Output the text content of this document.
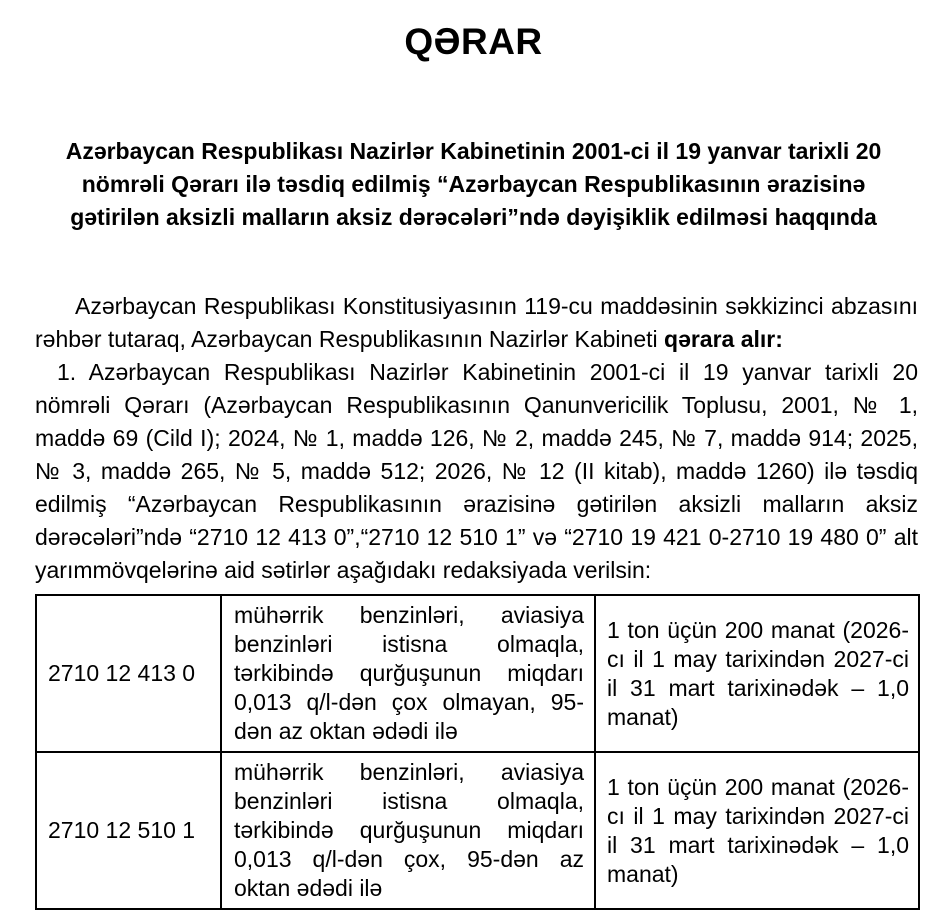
QƏRAR
Azərbaycan Respublikası Nazirlər Kabinetinin 2001-ci il 19 yanvar tarixli 20 nömrəli Qərarı ilə təsdiq edilmiş “Azərbaycan Respublikasının ərazisinə gətirilən aksizli malların aksiz dərəcələri”ndə dəyişiklik edilməsi haqqında

Azərbaycan Respublikası Konstitusiyasının 119-cu maddəsinin səkkizinci abzasını rəhbər tutaraq, Azərbaycan Respublikasının Nazirlər Kabineti qərara alır:

1. Azərbaycan Respublikası Nazirlər Kabinetinin 2001-ci il 19 yanvar tarixli 20 nömrəli Qərarı (Azərbaycan Respublikasının Qanunvericilik Toplusu, 2001, № 1, maddə 69 (Cild I); 2024, № 1, maddə 126, № 2, maddə 245, № 7, maddə 914; 2025, № 3, maddə 265, № 5, maddə 512; 2026, № 12 (II kitab), maddə 1260) ilə təsdiq edilmiş “Azərbaycan Respublikasının ərazisinə gətirilən aksizli malların aksiz dərəcələri”ndə “2710 12 413 0”,“2710 12 510 1” və “2710 19 421 0-2710 19 480 0” alt yarımmövqelərinə aid sətirlər aşağıdakı redaksiyada verilsin:

2710 12 413 0	mühərrik benzinləri, aviasiya benzinləri istisna olmaqla, tərkibində qurğuşunun miqdarı 0,013 q/l-dən çox olmayan, 95-dən az oktan ədədi ilə	1 ton üçün 200 manat (2026-cı il 1 may tarixindən 2027-ci il 31 mart tarixinədək – 1,0 manat)
2710 12 510 1	mühərrik benzinləri, aviasiya benzinləri istisna olmaqla, tərkibində qurğuşunun miqdarı 0,013 q/l-dən çox, 95-dən az oktan ədədi ilə	1 ton üçün 200 manat (2026-cı il 1 may tarixindən 2027-ci il 31 mart tarixinədək – 1,0 manat)
